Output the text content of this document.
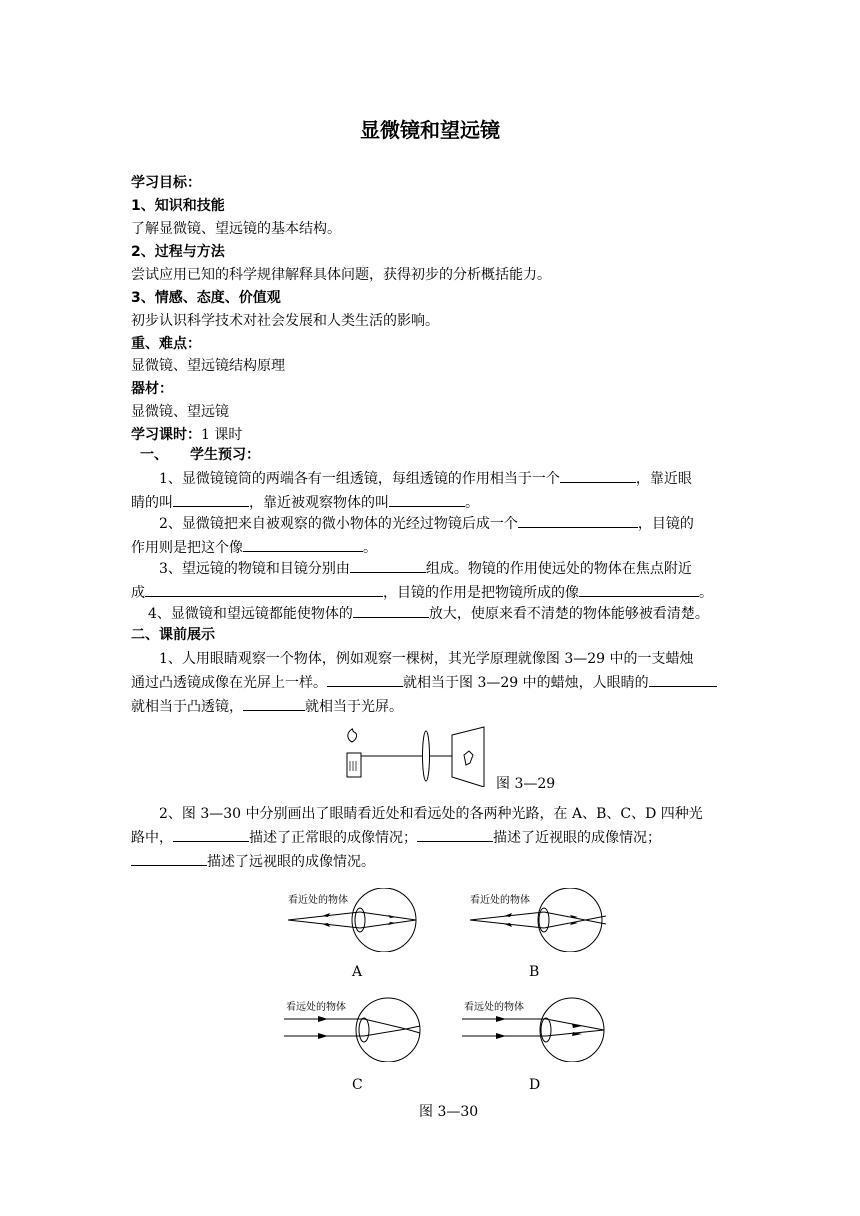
显微镜和望远镜
学习目标：
1、知识和技能
了解显微镜、望远镜的基本结构。
2、过程与方法
尝试应用已知的科学规律解释具体问题，获得初步的分析概括能力。
3、情感、态度、价值观
初步认识科学技术对社会发展和人类生活的影响。
重、难点：
显微镜、望远镜结构原理
器材：
显微镜、望远镜
学习课时：1 课时
一、 学生预习：
1、显微镜镜筒的两端各有一组透镜，每组透镜的作用相当于一个	，靠近眼
睛的叫	，靠近被观察物体的叫	。
2、显微镜把来自被观察的微小物体的光经过物镜后成一个	，目镜的
作用则是把这个像	。
3、望远镜的物镜和目镜分别由	组成。物镜的作用使远处的物体在焦点附近
成	，目镜的作用是把物镜所成的像	。
4、显微镜和望远镜都能使物体的	放大，使原来看不清楚的物体能够被看清楚。
二、课前展示
1、人用眼睛观察一个物体，例如观察一棵树，其光学原理就像图 3—29 中的一支蜡烛
通过凸透镜成像在光屏上一样。	就相当于图 3—29 中的蜡烛，人眼睛的
就相当于凸透镜，	就相当于光屏。
图 3—29
2、图 3—30 中分别画出了眼睛看近处和看远处的各两种光路，在 A、B、C、D 四种光
路中，	描述了正常眼的成像情况；	描述了近视眼的成像情况；
描述了远视眼的成像情况。
看近处的物体	看近处的物体
A	B
看远处的物体	看远处的物体
C	D
图 3—30
